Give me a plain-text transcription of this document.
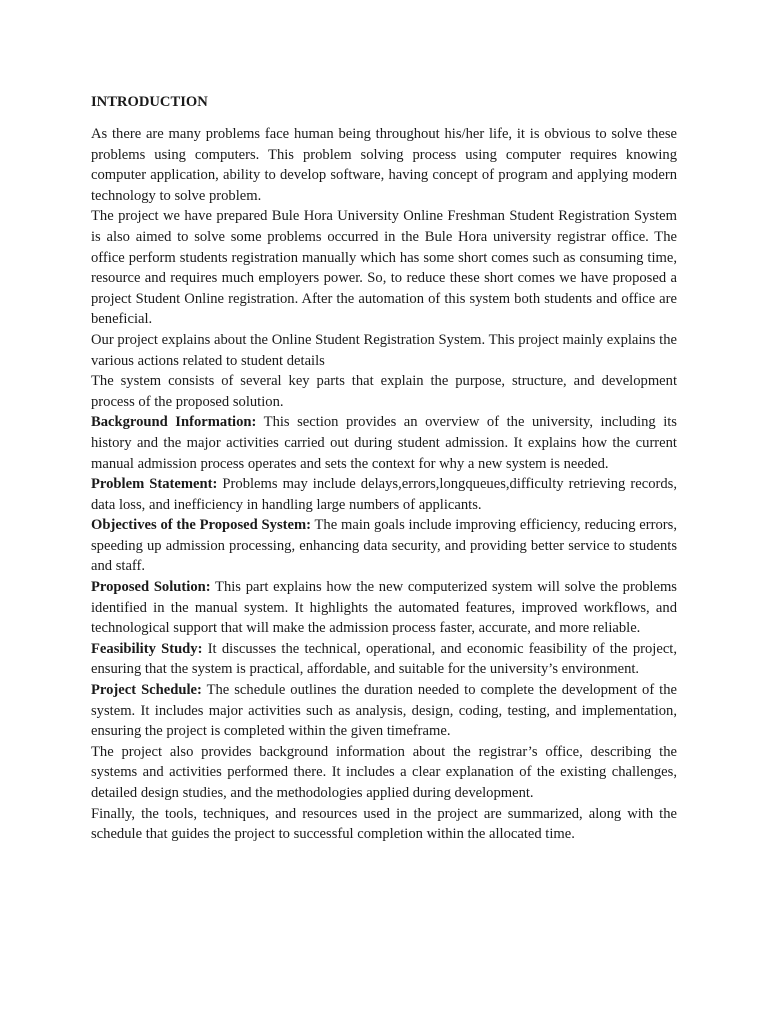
INTRODUCTION

As there are many problems face human being throughout his/her life, it is obvious to solve these problems using computers. This problem solving process using computer requires knowing computer application, ability to develop software, having concept of program and applying modern technology to solve problem.

The project we have prepared Bule Hora University Online Freshman Student Registration System is also aimed to solve some problems occurred in the Bule Hora university registrar office. The office perform students registration manually which has some short comes such as consuming time, resource and requires much employers power. So, to reduce these short comes we have proposed a project Student Online registration. After the automation of this system both students and office are beneficial.

Our project explains about the Online Student Registration System. This project mainly explains the various actions related to student details

The system consists of several key parts that explain the purpose, structure, and development process of the proposed solution.

Background Information: This section provides an overview of the university, including its history and the major activities carried out during student admission. It explains how the current manual admission process operates and sets the context for why a new system is needed.

Problem Statement: Problems may include delays,errors,longqueues,difficulty retrieving records, data loss, and inefficiency in handling large numbers of applicants.

Objectives of the Proposed System: The main goals include improving efficiency, reducing errors, speeding up admission processing, enhancing data security, and providing better service to students and staff.

Proposed Solution: This part explains how the new computerized system will solve the problems identified in the manual system. It highlights the automated features, improved workflows, and technological support that will make the admission process faster, accurate, and more reliable.

Feasibility Study: It discusses the technical, operational, and economic feasibility of the project, ensuring that the system is practical, affordable, and suitable for the university’s environment.

Project Schedule: The schedule outlines the duration needed to complete the development of the system. It includes major activities such as analysis, design, coding, testing, and implementation, ensuring the project is completed within the given timeframe.

The project also provides background information about the registrar’s office, describing the systems and activities performed there. It includes a clear explanation of the existing challenges, detailed design studies, and the methodologies applied during development.

Finally, the tools, techniques, and resources used in the project are summarized, along with the schedule that guides the project to successful completion within the allocated time.
